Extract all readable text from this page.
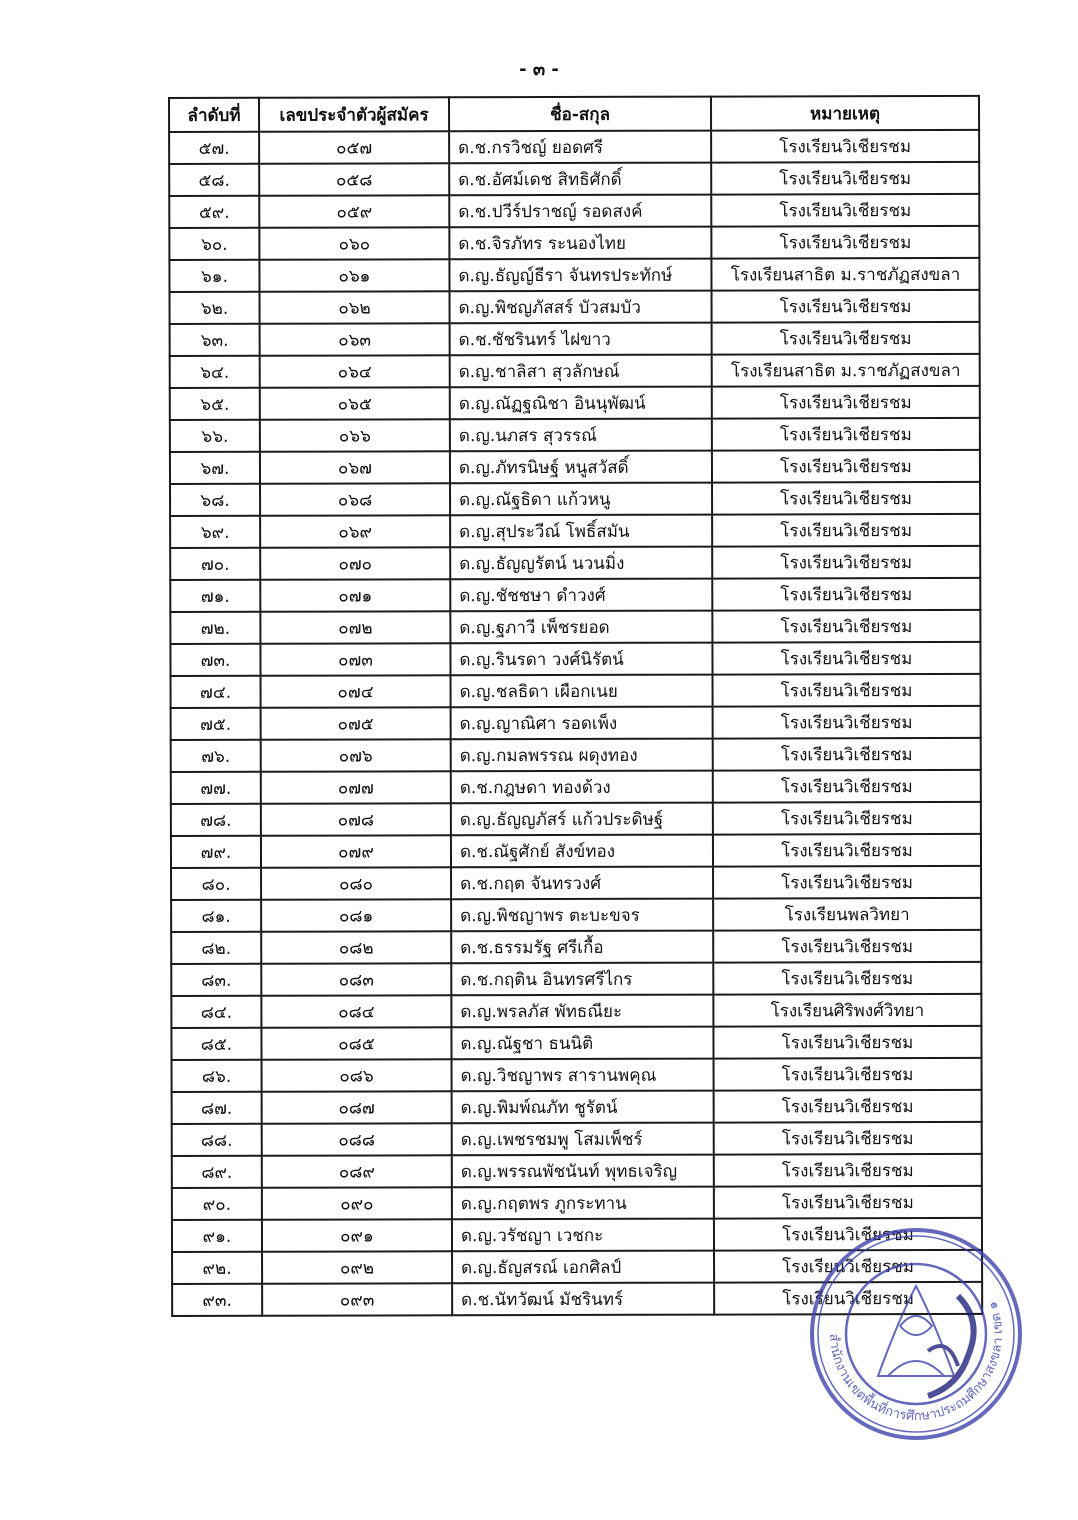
- ๓ -
ลำดับที่	เลขประจำตัวผู้สมัคร	ชื่อ-สกุล	หมายเหตุ
๕๗.	๐๕๗	ด.ช.กรวิชญ์ ยอดศรี	โรงเรียนวิเชียรชม
๕๘.	๐๕๘	ด.ช.อัศม์เดช สิทธิศักดิ์	โรงเรียนวิเชียรชม
๕๙.	๐๕๙	ด.ช.ปวีร์ปราชญ์ รอดสงค์	โรงเรียนวิเชียรชม
๖๐.	๐๖๐	ด.ช.จิรภัทร ระนองไทย	โรงเรียนวิเชียรชม
๖๑.	๐๖๑	ด.ญ.ธัญญ์ธีรา จันทรประทักษ์	โรงเรียนสาธิต ม.ราชภัฏสงขลา
๖๒.	๐๖๒	ด.ญ.พิชญภัสสร์ บัวสมบัว	โรงเรียนวิเชียรชม
๖๓.	๐๖๓	ด.ช.ชัชรินทร์ ไฝขาว	โรงเรียนวิเชียรชม
๖๔.	๐๖๔	ด.ญ.ชาลิสา สุวลักษณ์	โรงเรียนสาธิต ม.ราชภัฏสงขลา
๖๕.	๐๖๕	ด.ญ.ณัฏฐณิชา อินนุพัฒน์	โรงเรียนวิเชียรชม
๖๖.	๐๖๖	ด.ญ.นภสร สุวรรณ์	โรงเรียนวิเชียรชม
๖๗.	๐๖๗	ด.ญ.ภัทรนิษฐ์ หนูสวัสดิ์	โรงเรียนวิเชียรชม
๖๘.	๐๖๘	ด.ญ.ณัฐธิดา แก้วหนู	โรงเรียนวิเชียรชม
๖๙.	๐๖๙	ด.ญ.สุประวีณ์ โพธิ์สมัน	โรงเรียนวิเชียรชม
๗๐.	๐๗๐	ด.ญ.ธัญญรัตน์ นวนมิ่ง	โรงเรียนวิเชียรชม
๗๑.	๐๗๑	ด.ญ.ชัชชษา ดำวงศ์	โรงเรียนวิเชียรชม
๗๒.	๐๗๒	ด.ญ.ฐภาวี เพ็ชรยอด	โรงเรียนวิเชียรชม
๗๓.	๐๗๓	ด.ญ.รินรดา วงศ์นิรัตน์	โรงเรียนวิเชียรชม
๗๔.	๐๗๔	ด.ญ.ชลธิดา เผือกเนย	โรงเรียนวิเชียรชม
๗๕.	๐๗๕	ด.ญ.ญาณิศา รอดเพ็ง	โรงเรียนวิเชียรชม
๗๖.	๐๗๖	ด.ญ.กมลพรรณ ผดุงทอง	โรงเรียนวิเชียรชม
๗๗.	๐๗๗	ด.ช.กฎษดา ทองด้วง	โรงเรียนวิเชียรชม
๗๘.	๐๗๘	ด.ญ.ธัญญภัสร์ แก้วประดิษฐ์	โรงเรียนวิเชียรชม
๗๙.	๐๗๙	ด.ช.ณัฐศักย์ สังข์ทอง	โรงเรียนวิเชียรชม
๘๐.	๐๘๐	ด.ช.กฤต จันทรวงศ์	โรงเรียนวิเชียรชม
๘๑.	๐๘๑	ด.ญ.พิชญาพร ตะบะขจร	โรงเรียนพลวิทยา
๘๒.	๐๘๒	ด.ช.ธรรมรัฐ ศรีเกื้อ	โรงเรียนวิเชียรชม
๘๓.	๐๘๓	ด.ช.กฤติน อินทรศรีไกร	โรงเรียนวิเชียรชม
๘๔.	๐๘๔	ด.ญ.พรลภัส พัทธณียะ	โรงเรียนศิริพงศ์วิทยา
๘๕.	๐๘๕	ด.ญ.ณัฐชา ธนนิติ	โรงเรียนวิเชียรชม
๘๖.	๐๘๖	ด.ญ.วิชญาพร สารานพคุณ	โรงเรียนวิเชียรชม
๘๗.	๐๘๗	ด.ญ.พิมพ์ณภัท ชูรัตน์	โรงเรียนวิเชียรชม
๘๘.	๐๘๘	ด.ญ.เพชรชมพู โสมเพ็ชร์	โรงเรียนวิเชียรชม
๘๙.	๐๘๙	ด.ญ.พรรณพัชนันท์ พุทธเจริญ	โรงเรียนวิเชียรชม
๙๐.	๐๙๐	ด.ญ.กฤตพร ภูกระทาน	โรงเรียนวิเชียรชม
๙๑.	๐๙๑	ด.ญ.วรัชญา เวชกะ	โรงเรียนวิเชียรชม
๙๒.	๐๙๒	ด.ญ.ธัญสรณ์ เอกศิลป์	โรงเรียนวิเชียรชม
๙๓.	๐๙๓	ด.ช.นัทวัฒน์ มัชรินทร์	โรงเรียนวิเชียรชม
สำนักงานเขตพื้นที่การศึกษาประถมศึกษาสงขลา เขต ๑
